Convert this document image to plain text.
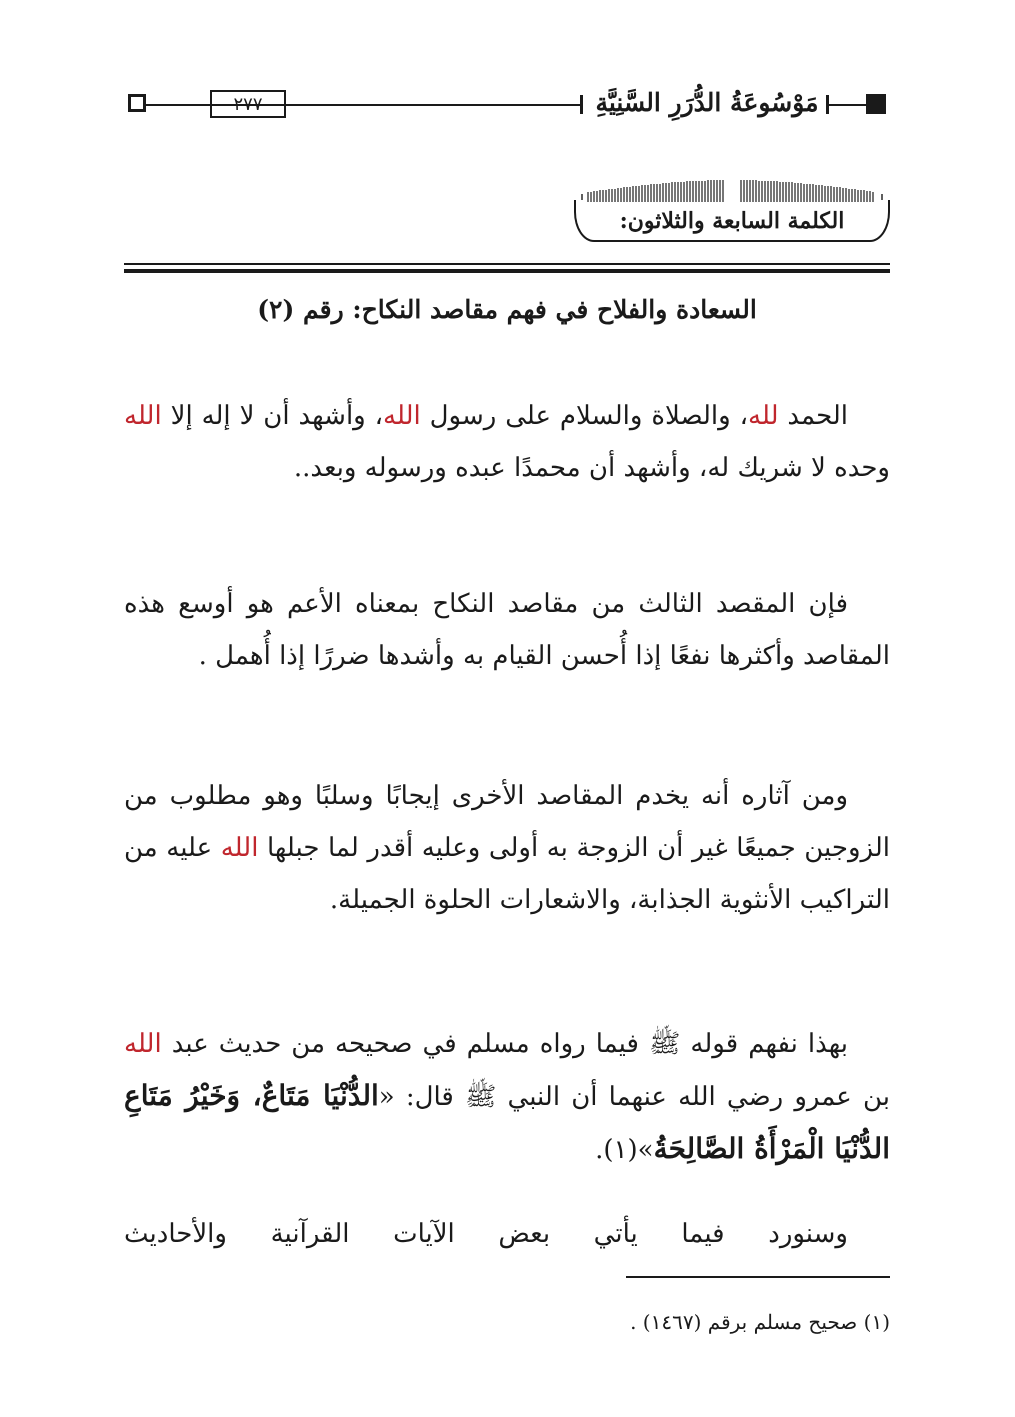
٢٧٧	مَوْسُوعَةُ الدُّرَرِ السَّنِيَّةِ
الكلمة السابعة والثلاثون:
السعادة والفلاح في فهم مقاصد النكاح: رقم (٢)
الحمد لله، والصلاة والسلام على رسول الله، وأشهد أن لا إله إلا الله وحده لا شريك له، وأشهد أن محمدًا عبده ورسوله وبعد..
فإن المقصد الثالث من مقاصد النكاح بمعناه الأعم هو أوسع هذه المقاصد وأكثرها نفعًا إذا أُحسن القيام به وأشدها ضررًا إذا أُهمل .
ومن آثاره أنه يخدم المقاصد الأخرى إيجابًا وسلبًا وهو مطلوب من الزوجين جميعًا غير أن الزوجة به أولى وعليه أقدر لما جبلها الله عليه من التراكيب الأنثوية الجذابة، والاشعارات الحلوة الجميلة.
بهذا نفهم قوله ﷺ فيما رواه مسلم في صحيحه من حديث عبد الله بن عمرو رضي الله عنهما أن النبي ﷺ قال: «الدُّنْيَا مَتَاعٌ، وَخَيْرُ مَتَاعِ الدُّنْيَا الْمَرْأَةُ الصَّالِحَةُ»(١).
وسنورد فيما يأتي بعض الآيات القرآنية والأحاديث
(١) صحيح مسلم برقم (١٤٦٧) .
